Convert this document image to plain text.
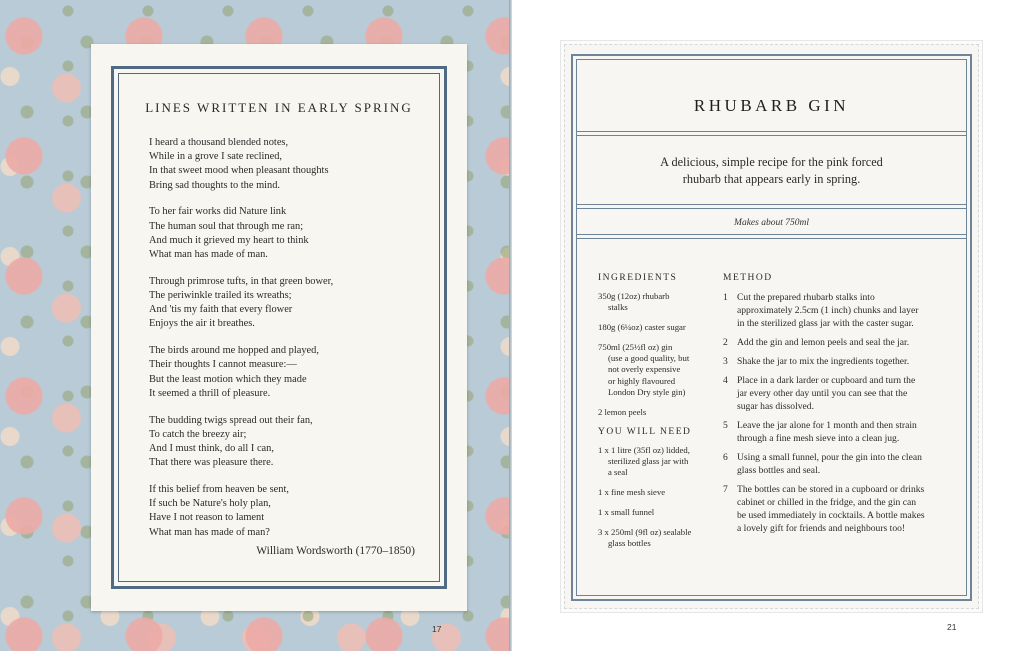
LINES WRITTEN IN EARLY SPRING
I heard a thousand blended notes,
While in a grove I sate reclined,
In that sweet mood when pleasant thoughts
Bring sad thoughts to the mind.
To her fair works did Nature link
The human soul that through me ran;
And much it grieved my heart to think
What man has made of man.
Through primrose tufts, in that green bower,
The periwinkle trailed its wreaths;
And 'tis my faith that every flower
Enjoys the air it breathes.
The birds around me hopped and played,
Their thoughts I cannot measure:—
But the least motion which they made
It seemed a thrill of pleasure.
The budding twigs spread out their fan,
To catch the breezy air;
And I must think, do all I can,
That there was pleasure there.
If this belief from heaven be sent,
If such be Nature's holy plan,
Have I not reason to lament
What man has made of man?
William Wordsworth (1770–1850)
17
RHUBARB GIN
A delicious, simple recipe for the pink forced
rhubarb that appears early in spring.
Makes about 750ml
INGREDIENTS
350g (12oz) rhubarb
stalks
180g (6¼oz) caster sugar
750ml (25½fl oz) gin
(use a good quality, but
not overly expensive
or highly flavoured
London Dry style gin)
2 lemon peels
YOU WILL NEED
1 x 1 litre (35fl oz) lidded,
sterilized glass jar with
a seal
1 x fine mesh sieve
1 x small funnel
3 x 250ml (9fl oz) sealable
glass bottles
METHOD
1 Cut the prepared rhubarb stalks into
approximately 2.5cm (1 inch) chunks and layer
in the sterilized glass jar with the caster sugar.
2 Add the gin and lemon peels and seal the jar.
3 Shake the jar to mix the ingredients together.
4 Place in a dark larder or cupboard and turn the
jar every other day until you can see that the
sugar has dissolved.
5 Leave the jar alone for 1 month and then strain
through a fine mesh sieve into a clean jug.
6 Using a small funnel, pour the gin into the clean
glass bottles and seal.
7 The bottles can be stored in a cupboard or drinks
cabinet or chilled in the fridge, and the gin can
be used immediately in cocktails. A bottle makes
a lovely gift for friends and neighbours too!
21
